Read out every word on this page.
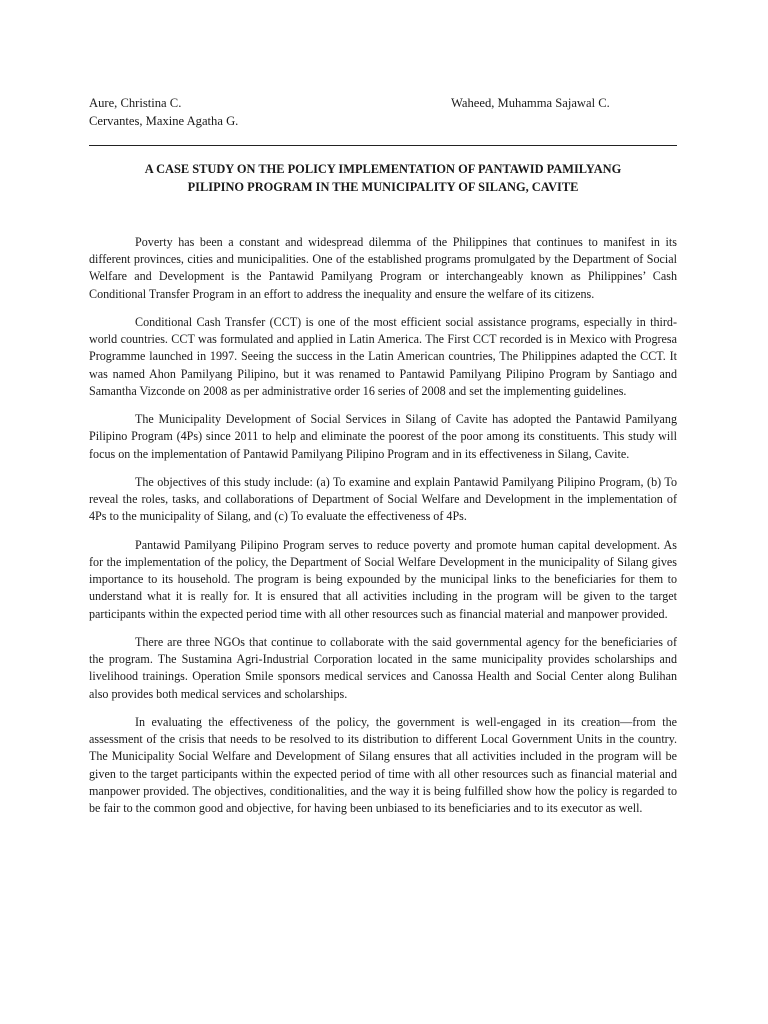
Aure, Christina C.
Cervantes, Maxine Agatha G.
Waheed, Muhamma Sajawal C.
A CASE STUDY ON THE POLICY IMPLEMENTATION OF PANTAWID PAMILYANG
PILIPINO PROGRAM IN THE MUNICIPALITY OF SILANG, CAVITE

Poverty has been a constant and widespread dilemma of the Philippines that continues to manifest in its different provinces, cities and municipalities. One of the established programs promulgated by the Department of Social Welfare and Development is the Pantawid Pamilyang Program or interchangeably known as Philippines’ Cash Conditional Transfer Program in an effort to address the inequality and ensure the welfare of its citizens.

Conditional Cash Transfer (CCT) is one of the most efficient social assistance programs, especially in third-world countries. CCT was formulated and applied in Latin America. The First CCT recorded is in Mexico with Progresa Programme launched in 1997. Seeing the success in the Latin American countries, The Philippines adapted the CCT. It was named Ahon Pamilyang Pilipino, but it was renamed to Pantawid Pamilyang Pilipino Program by Santiago and Samantha Vizconde on 2008 as per administrative order 16 series of 2008 and set the implementing guidelines.

The Municipality Development of Social Services in Silang of Cavite has adopted the Pantawid Pamilyang Pilipino Program (4Ps) since 2011 to help and eliminate the poorest of the poor among its constituents. This study will focus on the implementation of Pantawid Pamilyang Pilipino Program and in its effectiveness in Silang, Cavite.

The objectives of this study include: (a) To examine and explain Pantawid Pamilyang Pilipino Program, (b) To reveal the roles, tasks, and collaborations of Department of Social Welfare and Development in the implementation of 4Ps to the municipality of Silang, and (c) To evaluate the effectiveness of 4Ps.

Pantawid Pamilyang Pilipino Program serves to reduce poverty and promote human capital development. As for the implementation of the policy, the Department of Social Welfare Development in the municipality of Silang gives importance to its household. The program is being expounded by the municipal links to the beneficiaries for them to understand what it is really for. It is ensured that all activities including in the program will be given to the target participants within the expected period time with all other resources such as financial material and manpower provided.

There are three NGOs that continue to collaborate with the said governmental agency for the beneficiaries of the program. The Sustamina Agri-Industrial Corporation located in the same municipality provides scholarships and livelihood trainings. Operation Smile sponsors medical services and Canossa Health and Social Center along Bulihan also provides both medical services and scholarships.

In evaluating the effectiveness of the policy, the government is well-engaged in its creation—from the assessment of the crisis that needs to be resolved to its distribution to different Local Government Units in the country. The Municipality Social Welfare and Development of Silang ensures that all activities included in the program will be given to the target participants within the expected period of time with all other resources such as financial material and manpower provided. The objectives, conditionalities, and the way it is being fulfilled show how the policy is regarded to be fair to the common good and objective, for having been unbiased to its beneficiaries and to its executor as well.
